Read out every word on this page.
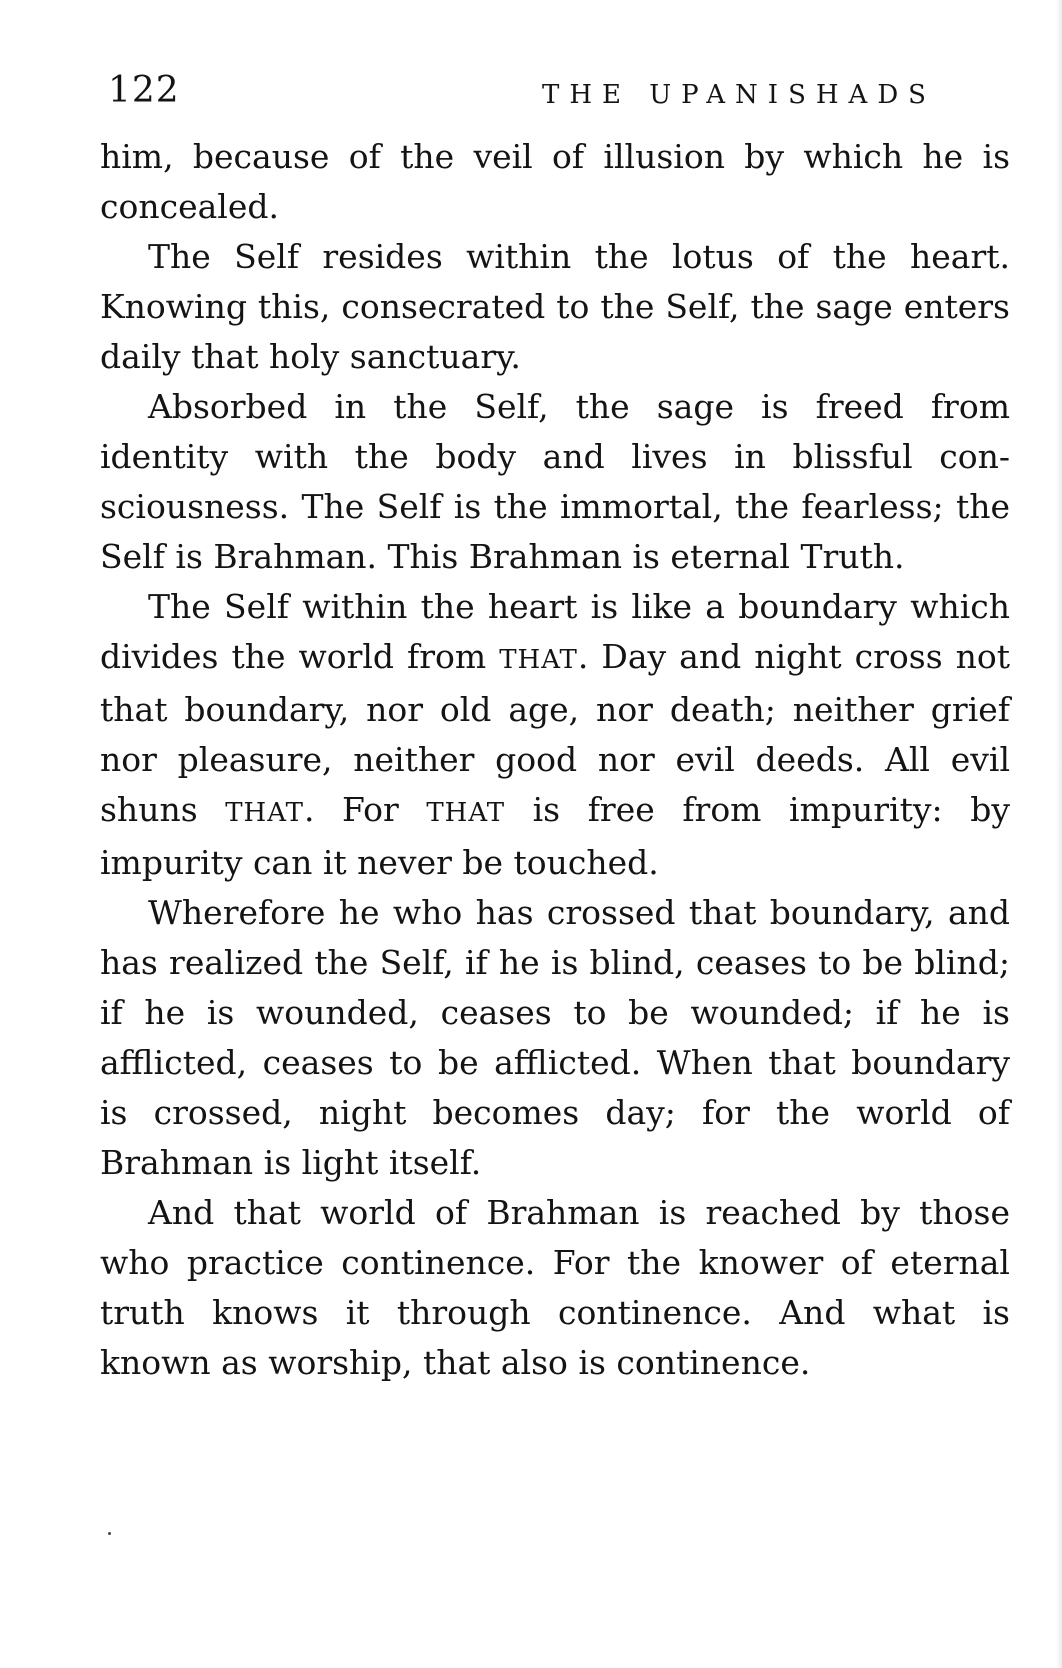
122	THE UPANISHADS

him, because of the veil of illusion by which he is concealed.

The Self resides within the lotus of the heart. Knowing this, consecrated to the Self, the sage enters daily that holy sanctuary.

Absorbed in the Self, the sage is freed from identity with the body and lives in blissful consciousness. The Self is the immortal, the fearless; the Self is Brahman. This Brahman is eternal Truth.

The Self within the heart is like a boundary which divides the world from THAT. Day and night cross not that boundary, nor old age, nor death; neither grief nor pleasure, neither good nor evil deeds. All evil shuns THAT. For THAT is free from impurity: by impurity can it never be touched.

Wherefore he who has crossed that boundary, and has realized the Self, if he is blind, ceases to be blind; if he is wounded, ceases to be wounded; if he is afflicted, ceases to be afflicted. When that boundary is crossed, night becomes day; for the world of Brahman is light itself.

And that world of Brahman is reached by those who practice continence. For the knower of eternal truth knows it through continence. And what is known as worship, that also is continence.
